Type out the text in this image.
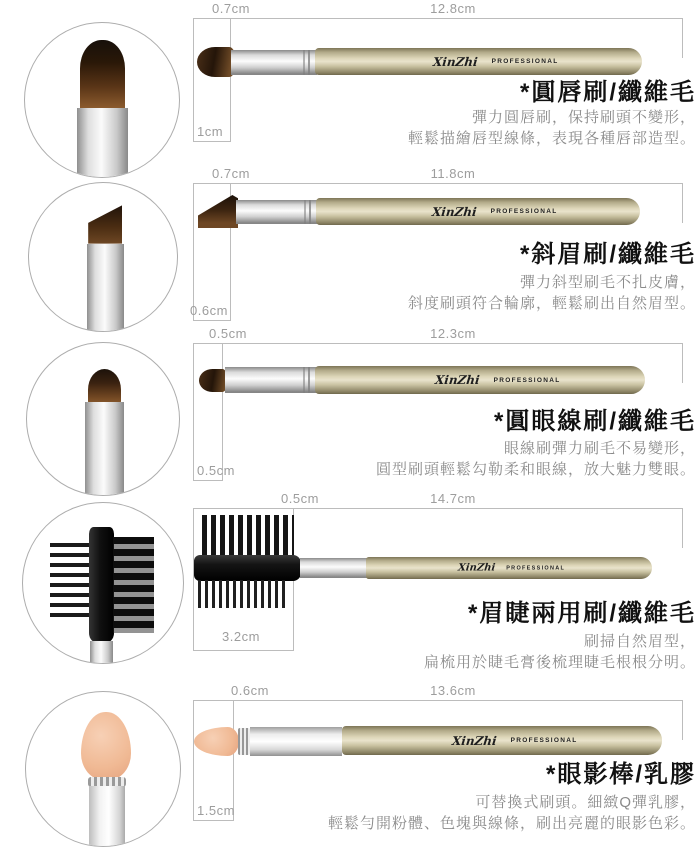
0.7cm	12.8cm
1cm
XinZhi PROFESSIONAL
*圓唇刷/纖維毛

彈力圓唇刷，保持刷頭不變形，
輕鬆描繪唇型線條，表現各種唇部造型。

0.7cm	11.8cm
0.6cm
XinZhi PROFESSIONAL
*斜眉刷/纖維毛

彈力斜型刷毛不扎皮膚，
斜度刷頭符合輪廓，輕鬆刷出自然眉型。

0.5cm	12.3cm
0.5cm
XinZhi PROFESSIONAL
*圓眼線刷/纖維毛

眼線刷彈力刷毛不易變形，
圓型刷頭輕鬆勾勒柔和眼線，放大魅力雙眼。

0.5cm	14.7cm
3.2cm
XinZhi PROFESSIONAL
*眉睫兩用刷/纖維毛

刷掃自然眉型，
扁梳用於睫毛膏後梳理睫毛根根分明。

0.6cm	13.6cm
1.5cm
XinZhi PROFESSIONAL
*眼影棒/乳膠

可替換式刷頭。細緻Q彈乳膠，
輕鬆勻開粉體、色塊與線條，刷出亮麗的眼影色彩。
